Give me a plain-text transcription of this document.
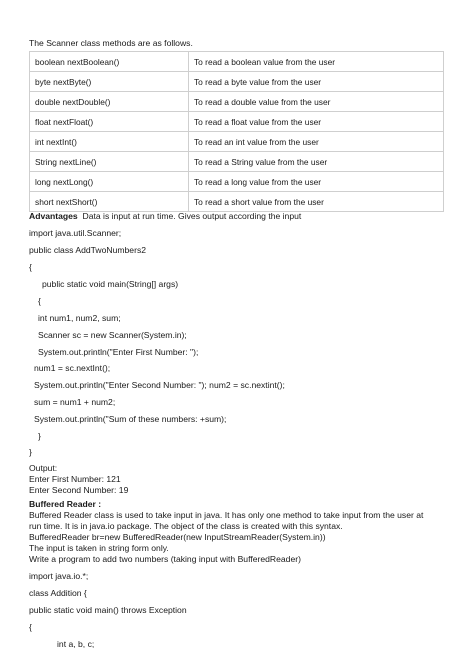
The Scanner class methods are as follows.
boolean nextBoolean()	To read a boolean value from the user
byte nextByte()	To read a byte value from the user
double nextDouble()	To read a double value from the user
float nextFloat()	To read a float value from the user
int nextInt()	To read an int value from the user
String nextLine()	To read a String value from the user
long nextLong()	To read a long value from the user
short nextShort()	To read a short value from the user
Advantages Data is input at run time. Gives output according the input
import java.util.Scanner;
public class AddTwoNumbers2
{
public static void main(String[] args)
{
int num1, num2, sum;
Scanner sc = new Scanner(System.in);
System.out.println("Enter First Number: ");
num1 = sc.nextInt();
System.out.println("Enter Second Number: "); num2 = sc.nextint();
sum = num1 + num2;
System.out.println("Sum of these numbers: +sum);
}
}
Output:
Enter First Number: 121
Enter Second Number: 19
Buffered Reader :
Buffered Reader class is used to take input in java. It has only one method to take input from the user at
run time. It is in java.io package. The object of the class is created with this syntax.
BufferedReader br=new BufferedReader(new InputStreamReader(System.in))
The input is taken in string form only.
Write a program to add two numbers (taking input with BufferedReader)
import java.io.*;
class Addition {
public static void main() throws Exception
{
int a, b, c;
